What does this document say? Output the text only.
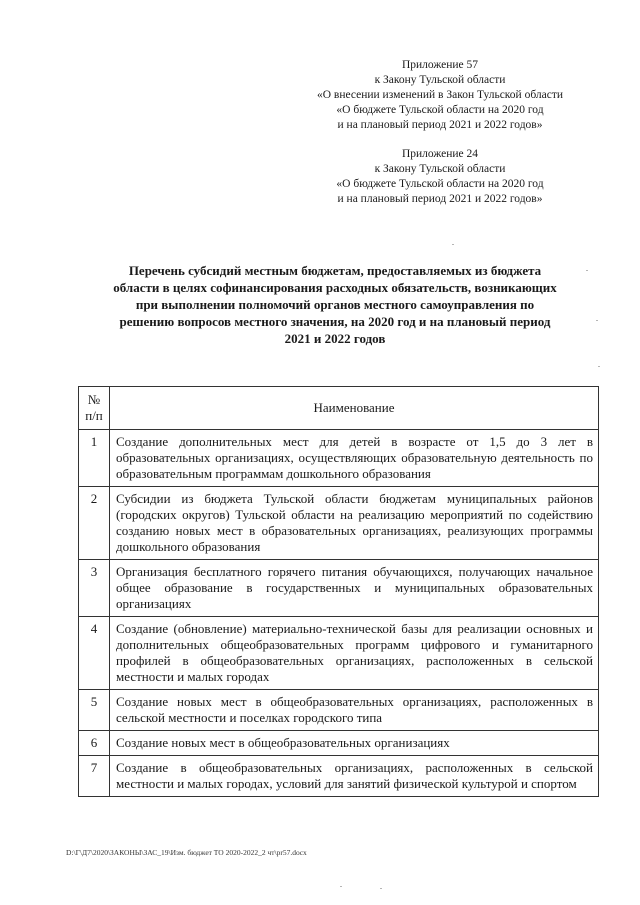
Приложение 57
к Закону Тульской области
«О внесении изменений в Закон Тульской области
«О бюджете Тульской области на 2020 год
и на плановый период 2021 и 2022 годов»
Приложение 24
к Закону Тульской области
«О бюджете Тульской области на 2020 год
и на плановый период 2021 и 2022 годов»
Перечень субсидий местным бюджетам, предоставляемых из бюджета
области в целях софинансирования расходных обязательств, возникающих
при выполнении полномочий органов местного самоуправления по
решению вопросов местного значения, на 2020 год и на плановый период
2021 и 2022 годов
№
п/п	Наименование
1	Создание дополнительных мест для детей в возрасте от 1,5 до 3 лет в образовательных организациях, осуществляющих образовательную деятельность по образовательным программам дошкольного образования
2	Субсидии из бюджета Тульской области бюджетам муниципальных районов (городских округов) Тульской области на реализацию мероприятий по содействию созданию новых мест в образовательных организациях, реализующих программы дошкольного образования
3	Организация бесплатного горячего питания обучающихся, получающих начальное общее образование в государственных и муниципальных образовательных организациях
4	Создание (обновление) материально-технической базы для реализации основных и дополнительных общеобразовательных программ цифрового и гуманитарного профилей в общеобразовательных организациях, расположенных в сельской местности и малых городах
5	Создание новых мест в общеобразовательных организациях, расположенных в сельской местности и поселках городского типа
6	Создание новых мест в общеобразовательных организациях
7	Создание в общеобразовательных организациях, расположенных в сельской местности и малых городах, условий для занятий физической культурой и спортом
D:\Г\Д7\2020\ЗАКОНЫ\ЗАС_19\Изм. бюджет ТО 2020-2022_2 чт\pr57.docx
